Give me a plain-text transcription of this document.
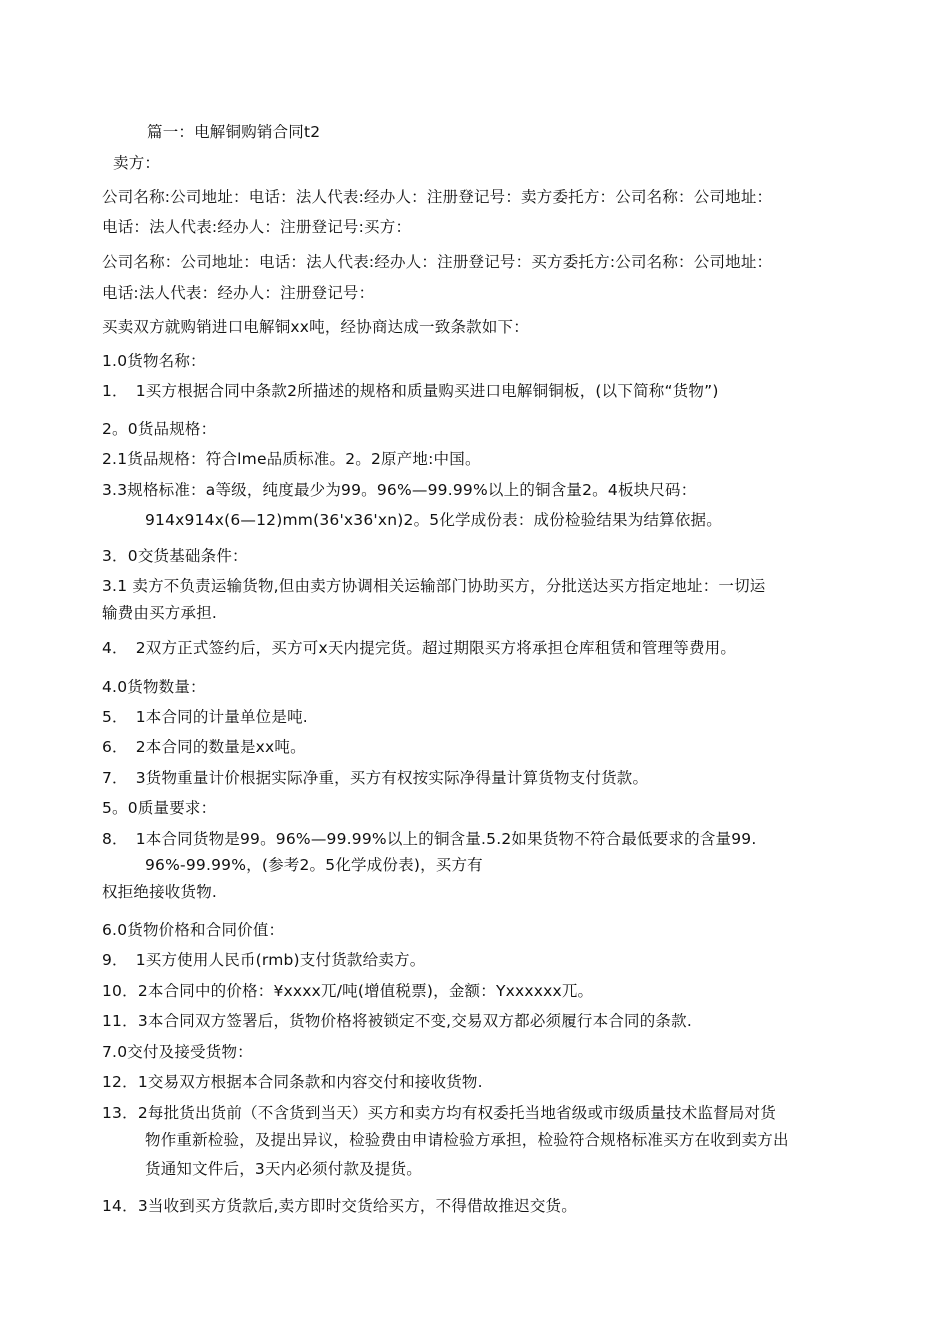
篇一：电解铜购销合同t2
卖方：
公司名称:公司地址：电话：法人代表:经办人：注册登记号：卖方委托方：公司名称：公司地址：
电话：法人代表:经办人：注册登记号:买方：
公司名称：公司地址：电话：法人代表:经办人：注册登记号：买方委托方:公司名称：公司地址：
电话:法人代表：经办人：注册登记号：
买卖双方就购销进口电解铜xx吨，经协商达成一致条款如下：
1.0货物名称：
1．　1买方根据合同中条款2所描述的规格和质量购买进口电解铜铜板，(以下简称“货物”)
2。0货品规格：
2.1货品规格：符合lme品质标准。2。2原产地:中国。
3.3规格标准：a等级，纯度最少为99。96%—99.99%以上的铜含量2。4板块尺码：
914x914x(6—12)mm(36'x36'xn)2。5化学成份表：成份检验结果为结算依据。
3．0交货基础条件：
3.1 卖方不负责运输货物,但由卖方协调相关运输部门协助买方，分批送达买方指定地址：一切运
输费由买方承担.
4．　2双方正式签约后，买方可x天内提完货。超过期限买方将承担仓库租赁和管理等费用。
4.0货物数量：
5．　1本合同的计量单位是吨.
6．　2本合同的数量是xx吨。
7．　3货物重量计价根据实际净重，买方有权按实际净得量计算货物支付货款。
5。0质量要求：
8．　1本合同货物是99。96%—99.99%以上的铜含量.5.2如果货物不符合最低要求的含量99.
96%-99.99%，(参考2。5化学成份表)，买方有
权拒绝接收货物.
6.0货物价格和合同价值：
9．　1买方使用人民币(rmb)支付货款给卖方。
10．2本合同中的价格：¥xxxx兀/吨(增值税票)，金额：Yxxxxxx兀。
11．3本合同双方签署后，货物价格将被锁定不变,交易双方都必须履行本合同的条款.
7.0交付及接受货物：
12．1交易双方根据本合同条款和内容交付和接收货物.
13．2每批货出货前（不含货到当天）买方和卖方均有权委托当地省级或市级质量技术监督局对货
物作重新检验，及提出异议，检验费由申请检验方承担，检验符合规格标准买方在收到卖方出
货通知文件后，3天内必须付款及提货。
14．3当收到买方货款后,卖方即时交货给买方，不得借故推迟交货。
